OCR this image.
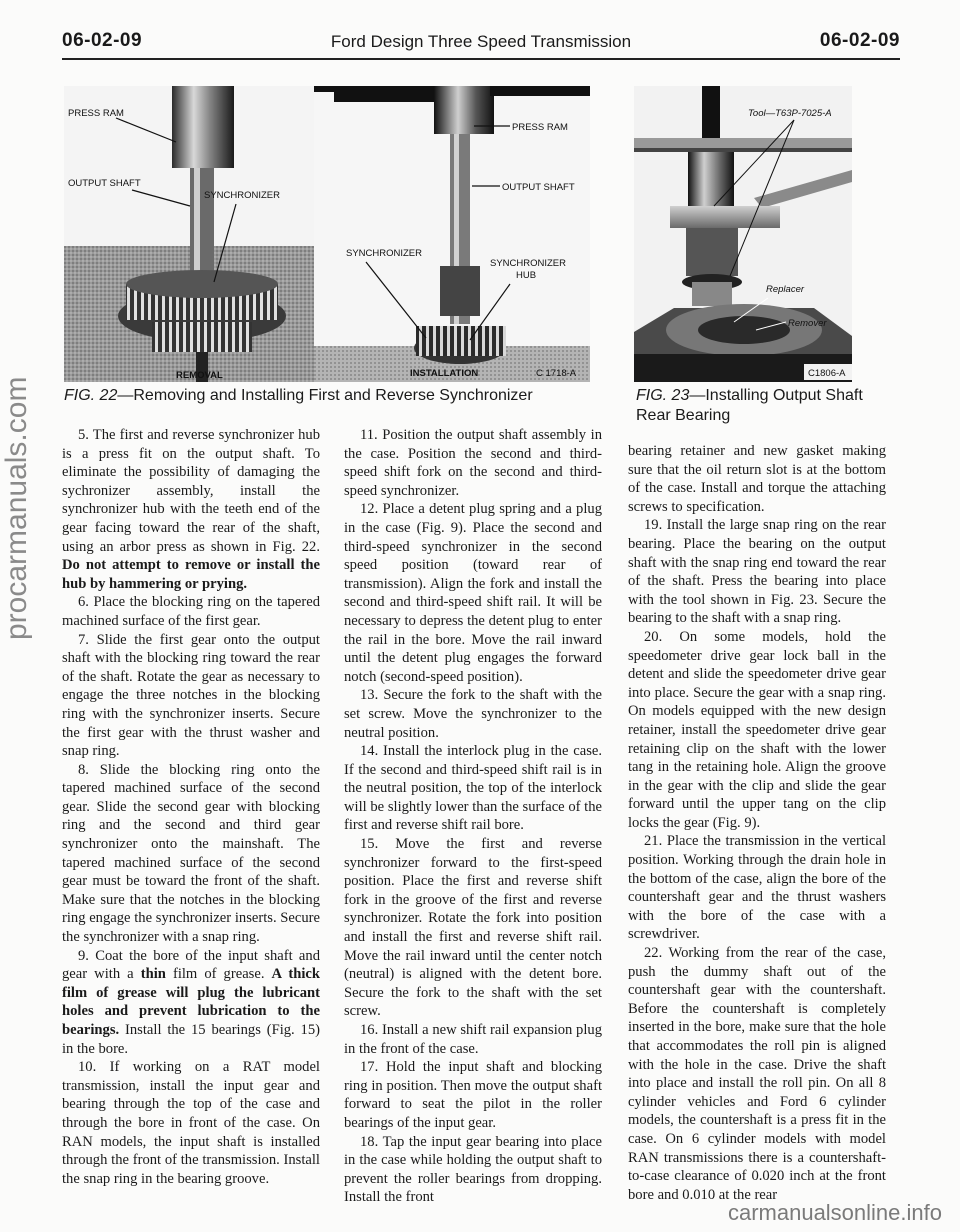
06-02-09	Ford Design Three Speed Transmission	06-02-09
procarmanuals.com
PRESS RAM
OUTPUT SHAFT
SYNCHRONIZER
REMOVAL
PRESS RAM
OUTPUT SHAFT
SYNCHRONIZER
SYNCHRONIZER
HUB
INSTALLATION	C 1718-A
Tool—T63P-7025-A
Replacer
Remover
C1806-A
FIG. 22—Removing and Installing First and Reverse Synchronizer	FIG. 23—Installing Output Shaft Rear Bearing

5. The first and reverse synchronizer hub is a press fit on the output shaft. To eliminate the possibility of damaging the sychronizer assembly, install the synchronizer hub with the teeth end of the gear facing toward the rear of the shaft, using an arbor press as shown in Fig. 22. Do not attempt to remove or install the hub by hammering or prying.

6. Place the blocking ring on the tapered machined surface of the first gear.

7. Slide the first gear onto the output shaft with the blocking ring toward the rear of the shaft. Rotate the gear as necessary to engage the three notches in the blocking ring with the synchronizer inserts. Secure the first gear with the thrust washer and snap ring.

8. Slide the blocking ring onto the tapered machined surface of the second gear. Slide the second gear with blocking ring and the second and third gear synchronizer onto the mainshaft. The tapered machined surface of the second gear must be toward the front of the shaft. Make sure that the notches in the blocking ring engage the synchronizer inserts. Secure the synchronizer with a snap ring.

9. Coat the bore of the input shaft and gear with a thin film of grease. A thick film of grease will plug the lubricant holes and prevent lubrication to the bearings. Install the 15 bearings (Fig. 15) in the bore.

10. If working on a RAT model transmission, install the input gear and bearing through the top of the case and through the bore in front of the case. On RAN models, the input shaft is installed through the front of the transmission. Install the snap ring in the bearing groove.

11. Position the output shaft assembly in the case. Position the second and third-speed shift fork on the second and third-speed synchronizer.

12. Place a detent plug spring and a plug in the case (Fig. 9). Place the second and third-speed synchronizer in the second speed position (toward rear of transmission). Align the fork and install the second and third-speed shift rail. It will be necessary to depress the detent plug to enter the rail in the bore. Move the rail inward until the detent plug engages the forward notch (second-speed position).

13. Secure the fork to the shaft with the set screw. Move the synchronizer to the neutral position.

14. Install the interlock plug in the case. If the second and third-speed shift rail is in the neutral position, the top of the interlock will be slightly lower than the surface of the first and reverse shift rail bore.

15. Move the first and reverse synchronizer forward to the first-speed position. Place the first and reverse shift fork in the groove of the first and reverse synchronizer. Rotate the fork into position and install the first and reverse shift rail. Move the rail inward until the center notch (neutral) is aligned with the detent bore. Secure the fork to the shaft with the set screw.

16. Install a new shift rail expansion plug in the front of the case.

17. Hold the input shaft and blocking ring in position. Then move the output shaft forward to seat the pilot in the roller bearings of the input gear.

18. Tap the input gear bearing into place in the case while holding the output shaft to prevent the roller bearings from dropping. Install the front

bearing retainer and new gasket making sure that the oil return slot is at the bottom of the case. Install and torque the attaching screws to specification.

19. Install the large snap ring on the rear bearing. Place the bearing on the output shaft with the snap ring end toward the rear of the shaft. Press the bearing into place with the tool shown in Fig. 23. Secure the bearing to the shaft with a snap ring.

20. On some models, hold the speedometer drive gear lock ball in the detent and slide the speedometer drive gear into place. Secure the gear with a snap ring. On models equipped with the new design retainer, install the speedometer drive gear retaining clip on the shaft with the lower tang in the retaining hole. Align the groove in the gear with the clip and slide the gear forward until the upper tang on the clip locks the gear (Fig. 9).

21. Place the transmission in the vertical position. Working through the drain hole in the bottom of the case, align the bore of the countershaft gear and the thrust washers with the bore of the case with a screwdriver.

22. Working from the rear of the case, push the dummy shaft out of the countershaft gear with the countershaft. Before the countershaft is completely inserted in the bore, make sure that the hole that accommodates the roll pin is aligned with the hole in the case. Drive the shaft into place and install the roll pin. On all 8 cylinder vehicles and Ford 6 cylinder models, the countershaft is a press fit in the case. On 6 cylinder models with model RAN transmissions there is a countershaft-to-case clearance of 0.020 inch at the front bore and 0.010 at the rear

carmanualsonline.info
